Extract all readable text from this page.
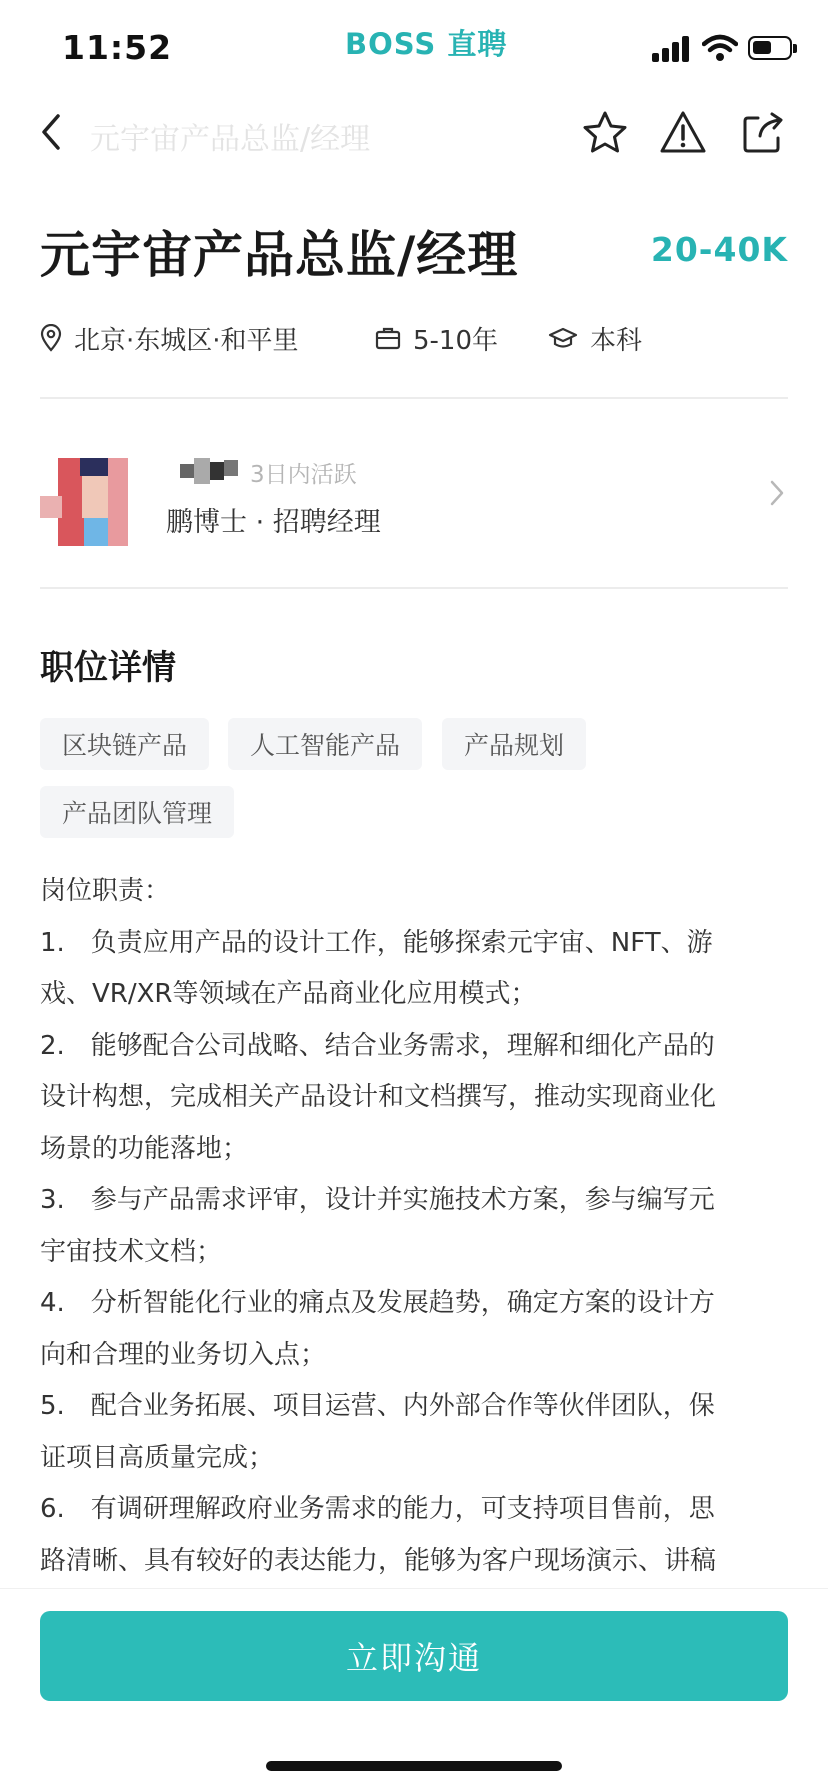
11:52	BOSS 直聘
元宇宙产品总监/经理
元宇宙产品总监/经理	20-40K
北京·东城区·和平里	5-10年	本科
3日内活跃
鹏博士 · 招聘经理
职位详情
区块链产品	人工智能产品	产品规划
产品团队管理

岗位职责：

1.　负责应用产品的设计工作，能够探索元宇宙、NFT、游

戏、VR/XR等领域在产品商业化应用模式；

2.　能够配合公司战略、结合业务需求，理解和细化产品的

设计构想，完成相关产品设计和文档撰写，推动实现商业化

场景的功能落地；

3.　参与产品需求评审，设计并实施技术方案，参与编写元

宇宙技术文档；

4.　分析智能化行业的痛点及发展趋势，确定方案的设计方

向和合理的业务切入点；

5.　配合业务拓展、项目运营、内外部合作等伙伴团队，保

证项目高质量完成；

6.　有调研理解政府业务需求的能力，可支持项目售前，思

路清晰、具有较好的表达能力，能够为客户现场演示、讲稿

立即沟通
